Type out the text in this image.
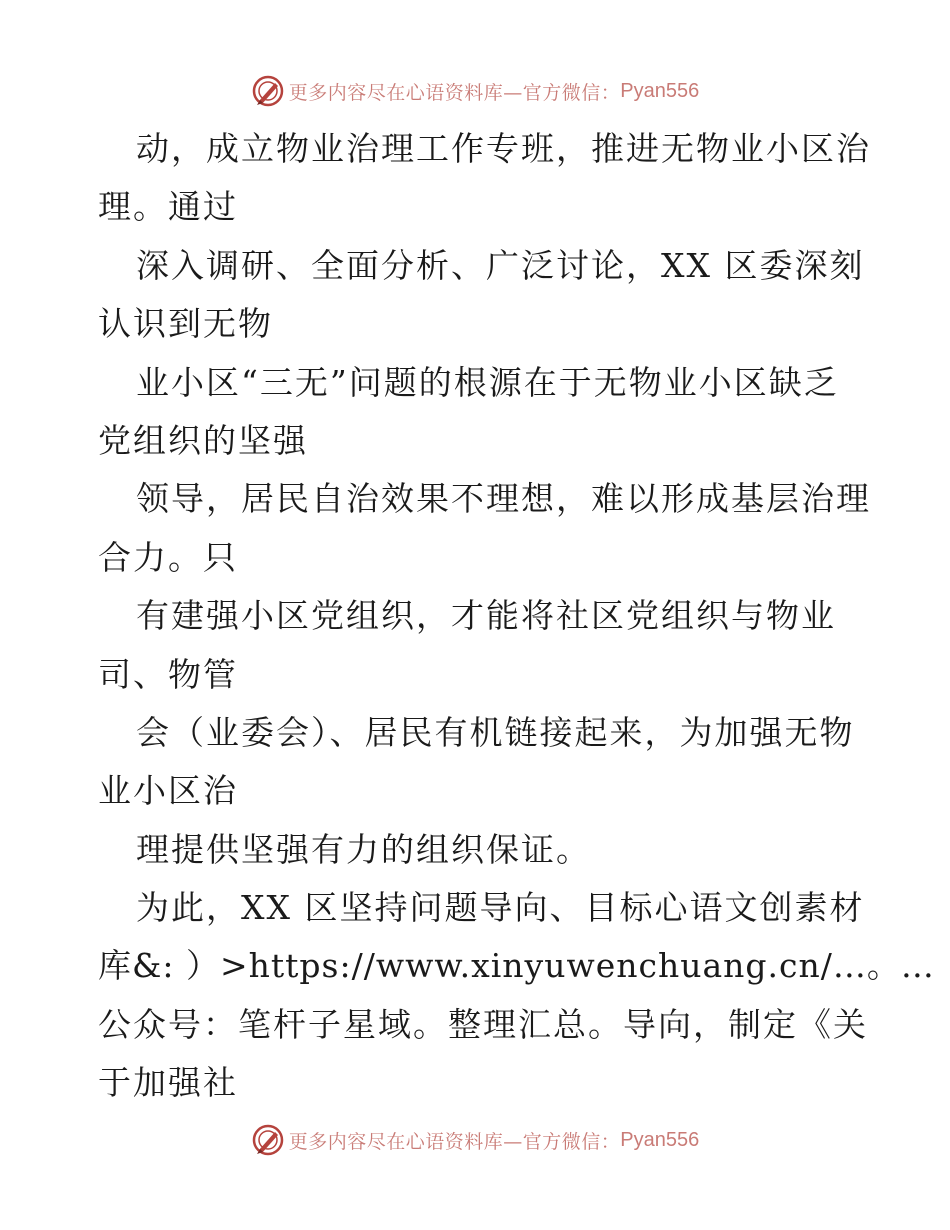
更多内容尽在心语资料库—官方微信： Pyan556
动，成立物业治理工作专班，推进无物业小区治
理。通过
深入调研、全面分析、广泛讨论，XX 区委深刻
认识到无物
业小区“三无”问题的根源在于无物业小区缺乏
党组织的坚强
领导，居民自治效果不理想，难以形成基层治理
合力。只
有建强小区党组织，才能将社区党组织与物业
司、物管
会（业委会）、居民有机链接起来，为加强无物
业小区治
理提供坚强有力的组织保证。
为此，XX 区坚持问题导向、目标心语文创素材
库&: ）>https://www.xinyuwenchuang.cn/…。…
公众号：笔杆子星域。整理汇总。导向，制定《关
于加强社
更多内容尽在心语资料库—官方微信： Pyan556
